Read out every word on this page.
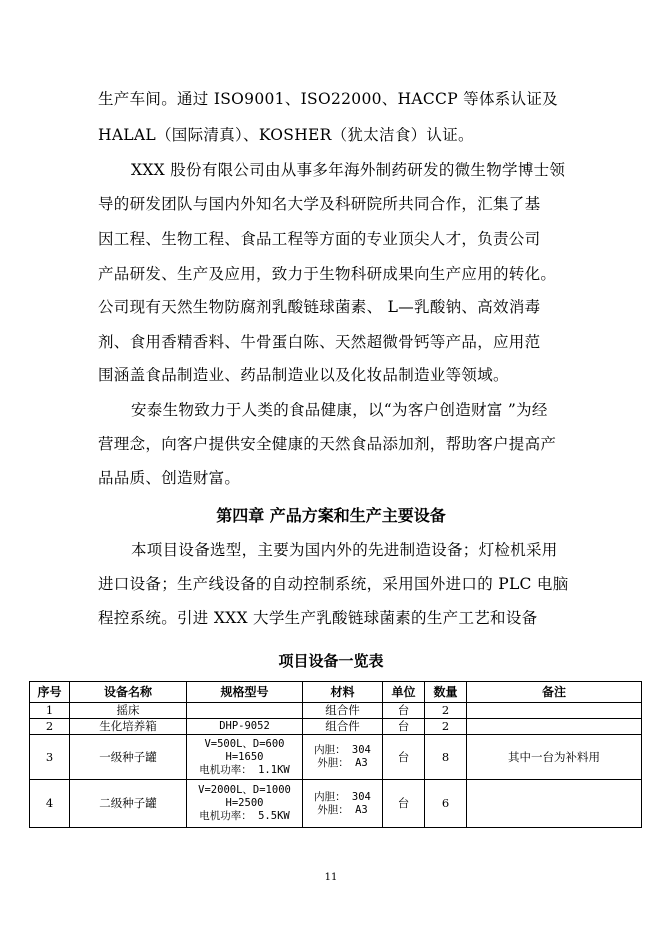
生产车间。通过 ISO9001、ISO22000、HACCP 等体系认证及
HALAL（国际清真）、KOSHER（犹太洁食）认证。
XXX 股份有限公司由从事多年海外制药研发的微生物学博士领
导的研发团队与国内外知名大学及科研院所共同合作，汇集了基
因工程、生物工程、食品工程等方面的专业顶尖人才，负责公司
产品研发、生产及应用，致力于生物科研成果向生产应用的转化。
公司现有天然生物防腐剂乳酸链球菌素、 L—乳酸钠、高效消毒
剂、食用香精香料、牛骨蛋白陈、天然超微骨钙等产品，应用范
围涵盖食品制造业、药品制造业以及化妆品制造业等领域。
安泰生物致力于人类的食品健康，以“为客户创造财富 ”为经
营理念，向客户提供安全健康的天然食品添加剂，帮助客户提高产
品品质、创造财富。
第四章 产品方案和生产主要设备
本项目设备选型，主要为国内外的先进制造设备；灯检机采用
进口设备；生产线设备的自动控制系统，采用国外进口的 PLC 电脑
程控系统。引进 XXX 大学生产乳酸链球菌素的生产工艺和设备
项目设备一览表
序号	设备名称	规格型号	材料	单位	数量	备注
1	摇床		组合件	台	2	
2	生化培养箱	DHP-9052	组合件	台	2	
3	一级种子罐	V=500L、D=600
H=1650
电机功率： 1.1KW	内胆： 304
外胆： A3	台	8	其中一台为补料用
4	二级种子罐	V=2000L、D=1000
H=2500
电机功率： 5.5KW	内胆： 304
外胆： A3	台	6	
11
